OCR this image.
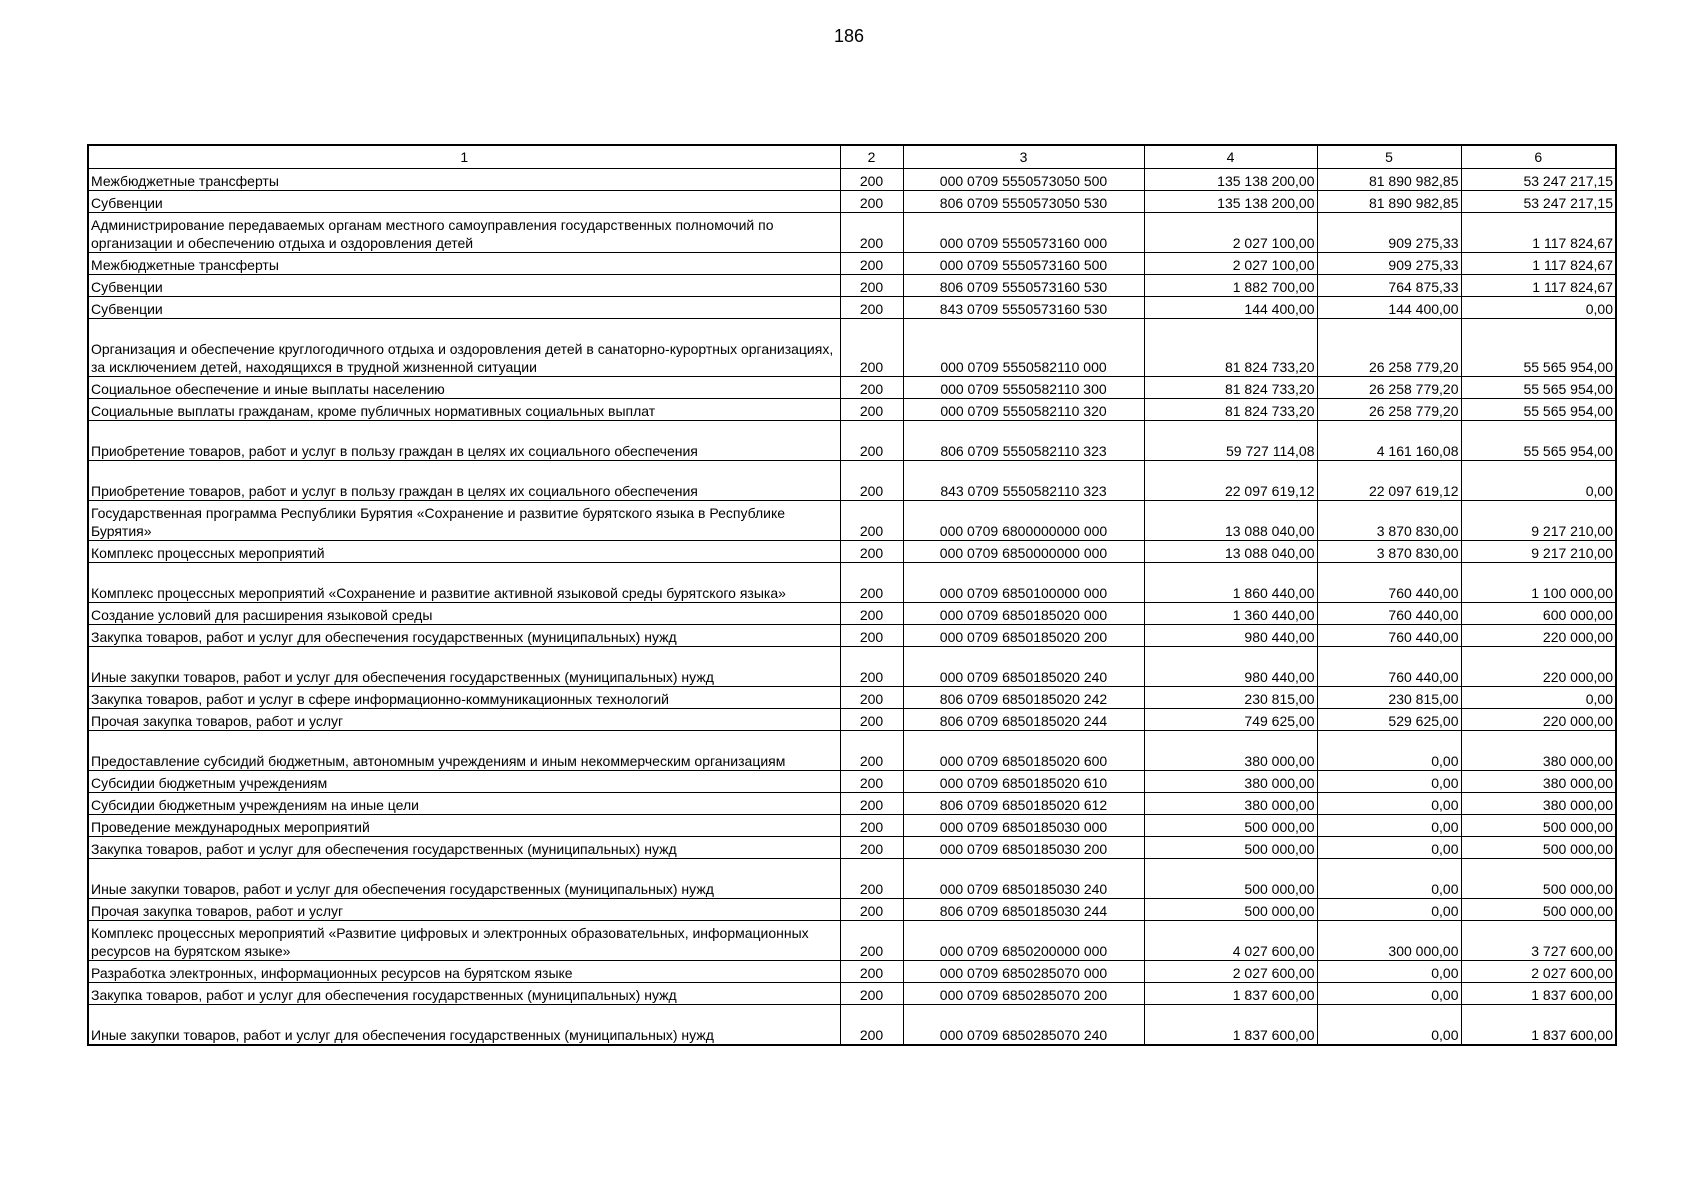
186
1	2	3	4	5	6
Межбюджетные трансферты	200	000 0709 5550573050 500	135 138 200,00	81 890 982,85	53 247 217,15
Субвенции	200	806 0709 5550573050 530	135 138 200,00	81 890 982,85	53 247 217,15
Администрирование передаваемых органам местного самоуправления государственных полномочий по организации и обеспечению отдыха и оздоровления детей	200	000 0709 5550573160 000	2 027 100,00	909 275,33	1 117 824,67
Межбюджетные трансферты	200	000 0709 5550573160 500	2 027 100,00	909 275,33	1 117 824,67
Субвенции	200	806 0709 5550573160 530	1 882 700,00	764 875,33	1 117 824,67
Субвенции	200	843 0709 5550573160 530	144 400,00	144 400,00	0,00
Организация и обеспечение круглогодичного отдыха и оздоровления детей в санаторно-курортных организациях, за исключением детей, находящихся в трудной жизненной ситуации	200	000 0709 5550582110 000	81 824 733,20	26 258 779,20	55 565 954,00
Социальное обеспечение и иные выплаты населению	200	000 0709 5550582110 300	81 824 733,20	26 258 779,20	55 565 954,00
Социальные выплаты гражданам, кроме публичных нормативных социальных выплат	200	000 0709 5550582110 320	81 824 733,20	26 258 779,20	55 565 954,00
Приобретение товаров, работ и услуг в пользу граждан в целях их социального обеспечения	200	806 0709 5550582110 323	59 727 114,08	4 161 160,08	55 565 954,00
Приобретение товаров, работ и услуг в пользу граждан в целях их социального обеспечения	200	843 0709 5550582110 323	22 097 619,12	22 097 619,12	0,00
Государственная программа Республики Бурятия «Сохранение и развитие бурятского языка в Республике Бурятия»	200	000 0709 6800000000 000	13 088 040,00	3 870 830,00	9 217 210,00
Комплекс процессных мероприятий	200	000 0709 6850000000 000	13 088 040,00	3 870 830,00	9 217 210,00
Комплекс процессных мероприятий «Сохранение и развитие активной языковой среды бурятского языка»	200	000 0709 6850100000 000	1 860 440,00	760 440,00	1 100 000,00
Создание условий для расширения языковой среды	200	000 0709 6850185020 000	1 360 440,00	760 440,00	600 000,00
Закупка товаров, работ и услуг для обеспечения государственных (муниципальных) нужд	200	000 0709 6850185020 200	980 440,00	760 440,00	220 000,00
Иные закупки товаров, работ и услуг для обеспечения государственных (муниципальных) нужд	200	000 0709 6850185020 240	980 440,00	760 440,00	220 000,00
Закупка товаров, работ и услуг в сфере информационно-коммуникационных технологий	200	806 0709 6850185020 242	230 815,00	230 815,00	0,00
Прочая закупка товаров, работ и услуг	200	806 0709 6850185020 244	749 625,00	529 625,00	220 000,00
Предоставление субсидий бюджетным, автономным учреждениям и иным некоммерческим организациям	200	000 0709 6850185020 600	380 000,00	0,00	380 000,00
Субсидии бюджетным учреждениям	200	000 0709 6850185020 610	380 000,00	0,00	380 000,00
Субсидии бюджетным учреждениям на иные цели	200	806 0709 6850185020 612	380 000,00	0,00	380 000,00
Проведение международных мероприятий	200	000 0709 6850185030 000	500 000,00	0,00	500 000,00
Закупка товаров, работ и услуг для обеспечения государственных (муниципальных) нужд	200	000 0709 6850185030 200	500 000,00	0,00	500 000,00
Иные закупки товаров, работ и услуг для обеспечения государственных (муниципальных) нужд	200	000 0709 6850185030 240	500 000,00	0,00	500 000,00
Прочая закупка товаров, работ и услуг	200	806 0709 6850185030 244	500 000,00	0,00	500 000,00
Комплекс процессных мероприятий «Развитие цифровых и электронных образовательных, информационных ресурсов на бурятском языке»	200	000 0709 6850200000 000	4 027 600,00	300 000,00	3 727 600,00
Разработка электронных, информационных ресурсов на бурятском языке	200	000 0709 6850285070 000	2 027 600,00	0,00	2 027 600,00
Закупка товаров, работ и услуг для обеспечения государственных (муниципальных) нужд	200	000 0709 6850285070 200	1 837 600,00	0,00	1 837 600,00
Иные закупки товаров, работ и услуг для обеспечения государственных (муниципальных) нужд	200	000 0709 6850285070 240	1 837 600,00	0,00	1 837 600,00
